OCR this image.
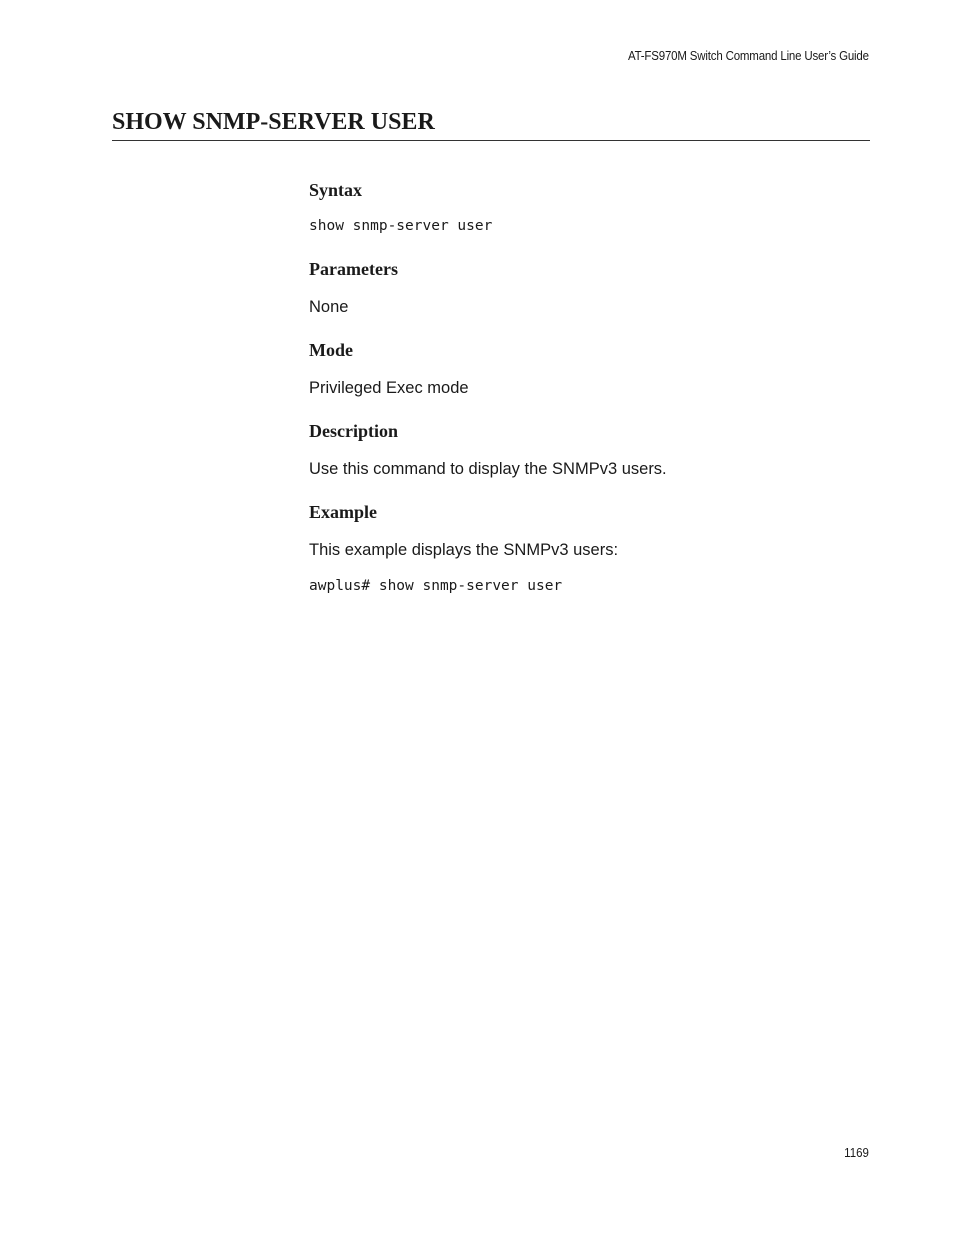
AT-FS970M Switch Command Line User’s Guide
SHOW SNMP-SERVER USER
Syntax
show snmp-server user
Parameters

None

Mode

Privileged Exec mode

Description

Use this command to display the SNMPv3 users.

Example

This example displays the SNMPv3 users:

awplus# show snmp-server user
1169
